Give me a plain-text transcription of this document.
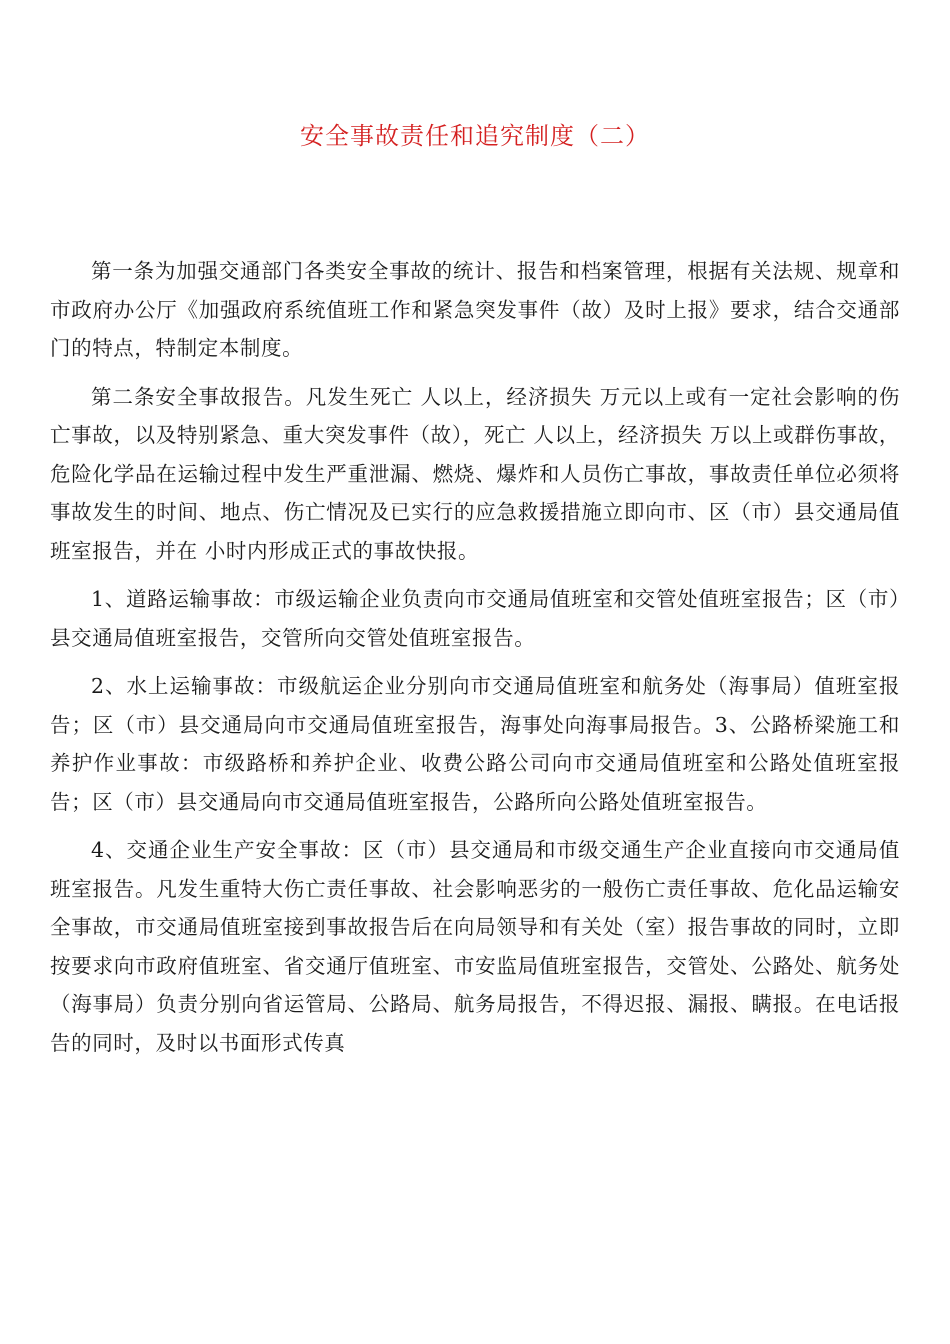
安全事故责任和追究制度（二）

第一条为加强交通部门各类安全事故的统计、报告和档案管理，根据有关法规、规章和市政府办公厅《加强政府系统值班工作和紧急突发事件（故）及时上报》要求，结合交通部门的特点，特制定本制度。

第二条安全事故报告。凡发生死亡 人以上，经济损失 万元以上或有一定社会影响的伤亡事故，以及特别紧急、重大突发事件（故），死亡 人以上，经济损失 万以上或群伤事故，危险化学品在运输过程中发生严重泄漏、燃烧、爆炸和人员伤亡事故，事故责任单位必须将事故发生的时间、地点、伤亡情况及已实行的应急救援措施立即向市、区（市）县交通局值班室报告，并在 小时内形成正式的事故快报。

1、道路运输事故：市级运输企业负责向市交通局值班室和交管处值班室报告；区（市）县交通局值班室报告，交管所向交管处值班室报告。

2、水上运输事故：市级航运企业分别向市交通局值班室和航务处（海事局）值班室报告；区（市）县交通局向市交通局值班室报告，海事处向海事局报告。3、公路桥梁施工和养护作业事故：市级路桥和养护企业、收费公路公司向市交通局值班室和公路处值班室报告；区（市）县交通局向市交通局值班室报告，公路所向公路处值班室报告。

4、交通企业生产安全事故：区（市）县交通局和市级交通生产企业直接向市交通局值班室报告。凡发生重特大伤亡责任事故、社会影响恶劣的一般伤亡责任事故、危化品运输安全事故，市交通局值班室接到事故报告后在向局领导和有关处（室）报告事故的同时，立即按要求向市政府值班室、省交通厅值班室、市安监局值班室报告，交管处、公路处、航务处（海事局）负责分别向省运管局、公路局、航务局报告，不得迟报、漏报、瞒报。在电话报告的同时，及时以书面形式传真
